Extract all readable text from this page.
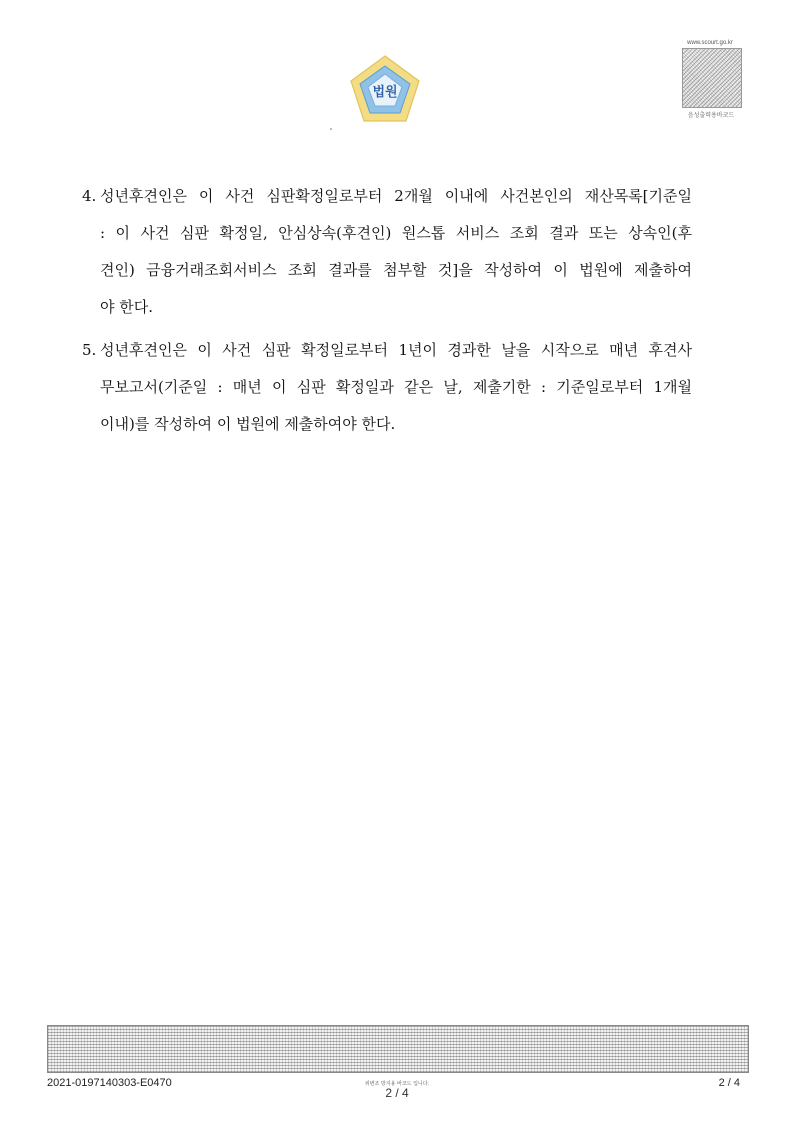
법원
www.scourt.go.kr
음성출력용바코드
4. 성년후견인은 이 사건 심판확정일로부터 2개월 이내에 사건본인의 재산목록[기준일
: 이 사건 심판 확정일, 안심상속(후견인) 원스톱 서비스 조회 결과 또는 상속인(후
견인) 금융거래조회서비스 조회 결과를 첨부할 것]을 작성하여 이 법원에 제출하여
야 한다.
5. 성년후견인은 이 사건 심판 확정일로부터 1년이 경과한 날을 시작으로 매년 후견사
무보고서(기준일 : 매년 이 심판 확정일과 같은 날, 제출기한 : 기준일로부터 1개월
이내)를 작성하여 이 법원에 제출하여야 한다.
2021-0197140303-E0470	위변조 방지용 바코드 입니다.
2 / 4
2 / 4
